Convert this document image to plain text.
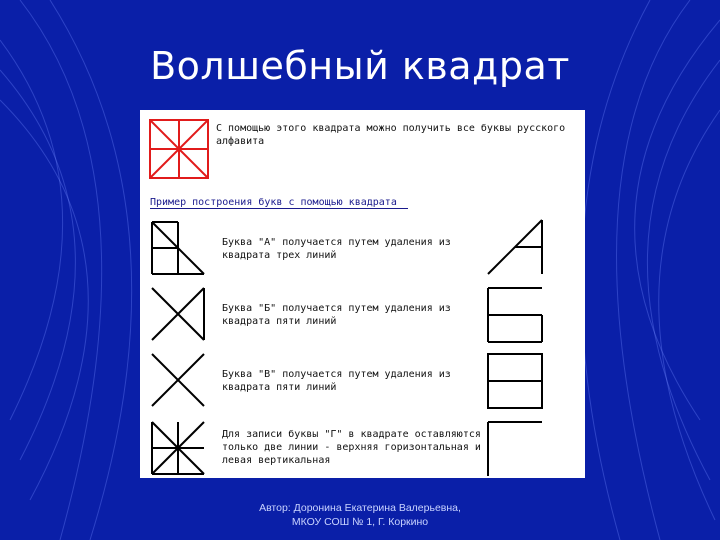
Волшебный квадрат
С помощью этого квадрата можно получить все буквы русского
алфавита
Пример построения букв с помощью квадрата
Буква "А" получается путем удаления из
квадрата трех линий
Буква "Б" получается путем удаления из
квадрата пяти линий
Буква "В" получается путем удаления из
квадрата пяти линий
Для записи буквы "Г" в квадрате оставляются
только две линии - верхняя горизонтальная и
левая вертикальная
Автор: Доронина Екатерина Валерьевна,
МКОУ СОШ № 1, Г. Коркино
